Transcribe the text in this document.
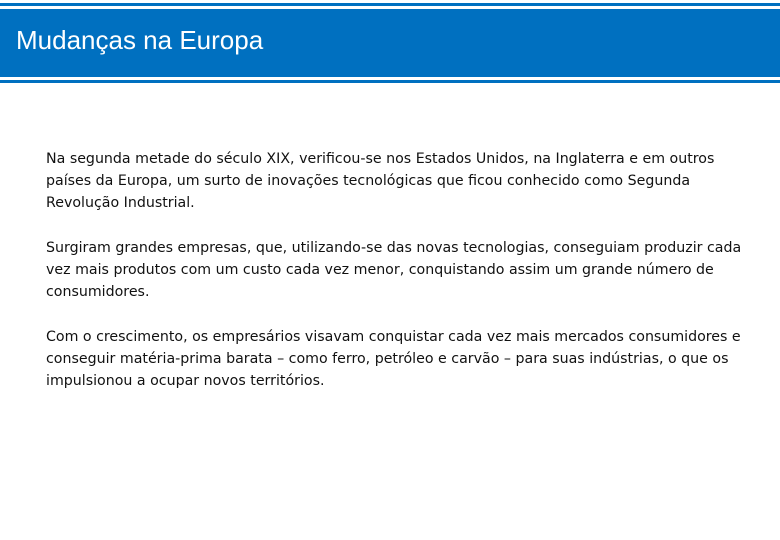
Mudanças na Europa

Na segunda metade do século XIX, verificou-se nos Estados Unidos, na Inglaterra e em outros países da Europa, um surto de inovações tecnológicas que ficou conhecido como Segunda Revolução Industrial.

Surgiram grandes empresas, que, utilizando-se das novas tecnologias, conseguiam produzir cada vez mais produtos com um custo cada vez menor, conquistando assim um grande número de consumidores.

Com o crescimento, os empresários visavam conquistar cada vez mais mercados consumidores e conseguir matéria-prima barata – como ferro, petróleo e carvão – para suas indústrias, o que os impulsionou a ocupar novos territórios.
